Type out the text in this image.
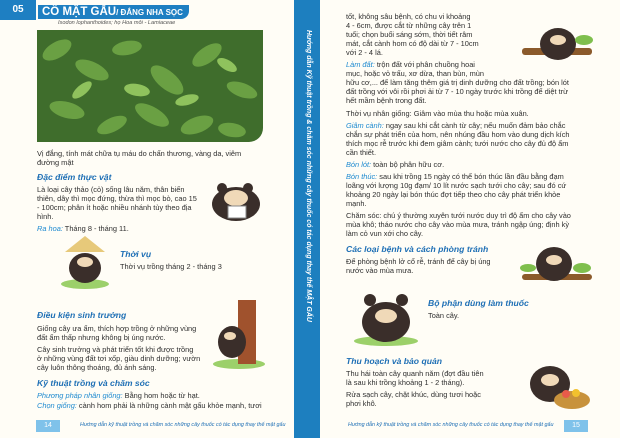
05	CÔ MẬT GẤU/ ĐẮNG NHA SỌC
Isodon lophanthoides; họ Hoa môi - Lamiaceae
Vị đắng, tính mát chữa tụ máu do chấn thương, vàng da, viêm
đường mật
Đặc điểm thực vật
Là loại cây thảo (cỏ) sống lâu năm, thân biến
thiên, dây thì mọc đứng, thừa thì mọc bò, cao 15
- 100cm; phân ít hoặc nhiều nhánh tùy theo địa
hình.
Ra hoa: Tháng 8 - tháng 11.
Thời vụ
Thời vụ trồng tháng 2 - tháng 3
Điều kiện sinh trưởng
Giống cây ưa ẩm, thích hợp trồng ở những vùng
đất ẩm thấp nhưng không bị úng nước.
Cây sinh trưởng và phát triển tốt khi được trồng
ở những vùng đất tơi xốp, giàu dinh dưỡng; vườn
cây luôn thông thoáng, đủ ánh sáng.
Kỹ thuật trồng và chăm sóc
Phương pháp nhân giống: Bằng hom hoặc từ hạt.
Chọn giống: cành hom phải là những cành mật gấu khỏe mạnh, tươi
14	Hướng dẫn kỹ thuật trồng và chăm sóc những cây thuốc có tác dụng thay thế mật gấu
Hướng dẫn Kỹ thuật trồng & chăm sóc những cây thuốc có tác dụng thay thế MẬT GẤU
tốt, không sâu bệnh, có chu vi khoảng
4 - 6cm, được cắt từ những cây trên 1
tuổi; chọn buổi sáng sớm, thời tiết râm
mát, cắt cành hom có độ dài từ 7 - 10cm
với 2 - 4 lá.
Làm đất: trộn đất với phân chuồng hoai
mục, hoặc vỏ trấu, xơ dừa, than bùn, mùn
hữu cơ,... để làm tăng thêm giá trị dinh dưỡng cho đất trồng; bón lót
đất trồng với vôi rồi phơi ải từ 7 - 10 ngày trước khi trồng để diệt trừ
hết mầm bệnh trong đất.
Thời vụ nhân giống: Giâm vào mùa thu hoặc mùa xuân.
Giâm cành: ngay sau khi cắt cành từ cây; nếu muốn đảm bảo chắc
chắn sự phát triển của hom, nên nhúng đầu hom vào dung dịch kích
thích mọc rễ trước khi đem giâm cành; tưới nước cho cây đủ độ ẩm
cần thiết.
Bón lót: toàn bộ phân hữu cơ.
Bón thúc: sau khi trồng 15 ngày có thể bón thúc lần đầu bằng đạm
loãng với lượng 10g đạm/ 10 lít nước sạch tưới cho cây; sau đó cứ
khoảng 20 ngày lại bón thúc đợt tiếp theo cho cây phát triển khỏe
mạnh.
Chăm sóc: chú ý thường xuyên tưới nước duy trì độ ẩm cho cây vào
mùa khô; tháo nước cho cây vào mùa mưa, tránh ngập úng; định kỳ
làm cỏ vun xới cho cây.
Các loại bệnh và cách phòng tránh
Để phòng bệnh lở cổ rễ, tránh để cây bị úng
nước vào mùa mưa.
Bộ phận dùng làm thuốc
Toàn cây.
Thu hoạch và bảo quản
Thu hái toàn cây quanh năm (đợt đầu tiên
là sau khi trồng khoảng 1 - 2 tháng).
Rửa sạch cây, chặt khúc, dùng tươi hoặc
phơi khô.
Hướng dẫn kỹ thuật trồng và chăm sóc những cây thuốc có tác dụng thay thế mật gấu	15
